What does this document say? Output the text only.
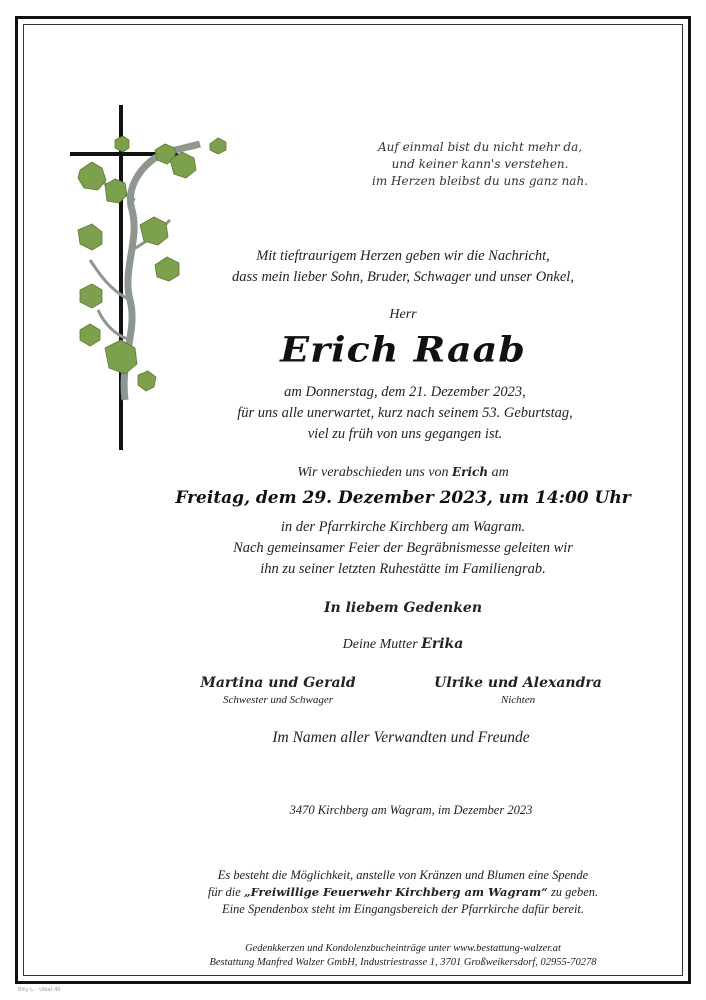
Auf einmal bist du nicht mehr da,
und keiner kann's verstehen.
im Herzen bleibst du uns ganz nah.
Mit tieftraurigem Herzen geben wir die Nachricht,
dass mein lieber Sohn, Bruder, Schwager und unser Onkel,
Herr
Erich Raab
am Donnerstag, dem 21. Dezember 2023,
für uns alle unerwartet, kurz nach seinem 53. Geburtstag,
viel zu früh von uns gegangen ist.
Wir verabschieden uns von Erich am
Freitag, dem 29. Dezember 2023, um 14:00 Uhr
in der Pfarrkirche Kirchberg am Wagram.
Nach gemeinsamer Feier der Begräbnismesse geleiten wir
ihn zu seiner letzten Ruhestätte im Familiengrab.
In liebem Gedenken
Deine Mutter Erika
Martina und Gerald
Schwester und Schwager
Ulrike und Alexandra
Nichten
Im Namen aller Verwandten und Freunde
3470 Kirchberg am Wagram, im Dezember 2023
Es besteht die Möglichkeit, anstelle von Kränzen und Blumen eine Spende
für die „Freiwillige Feuerwehr Kirchberg am Wagram“ zu geben.
Eine Spendenbox steht im Eingangsbereich der Pfarrkirche dafür bereit.
Gedenkkerzen und Kondolenzbucheinträge unter www.bestattung-walzer.at
Bestattung Manfred Walzer GmbH, Industriestrasse 1, 3701 Großweikersdorf, 02955-70278
Billy L. · Ulbar 40
